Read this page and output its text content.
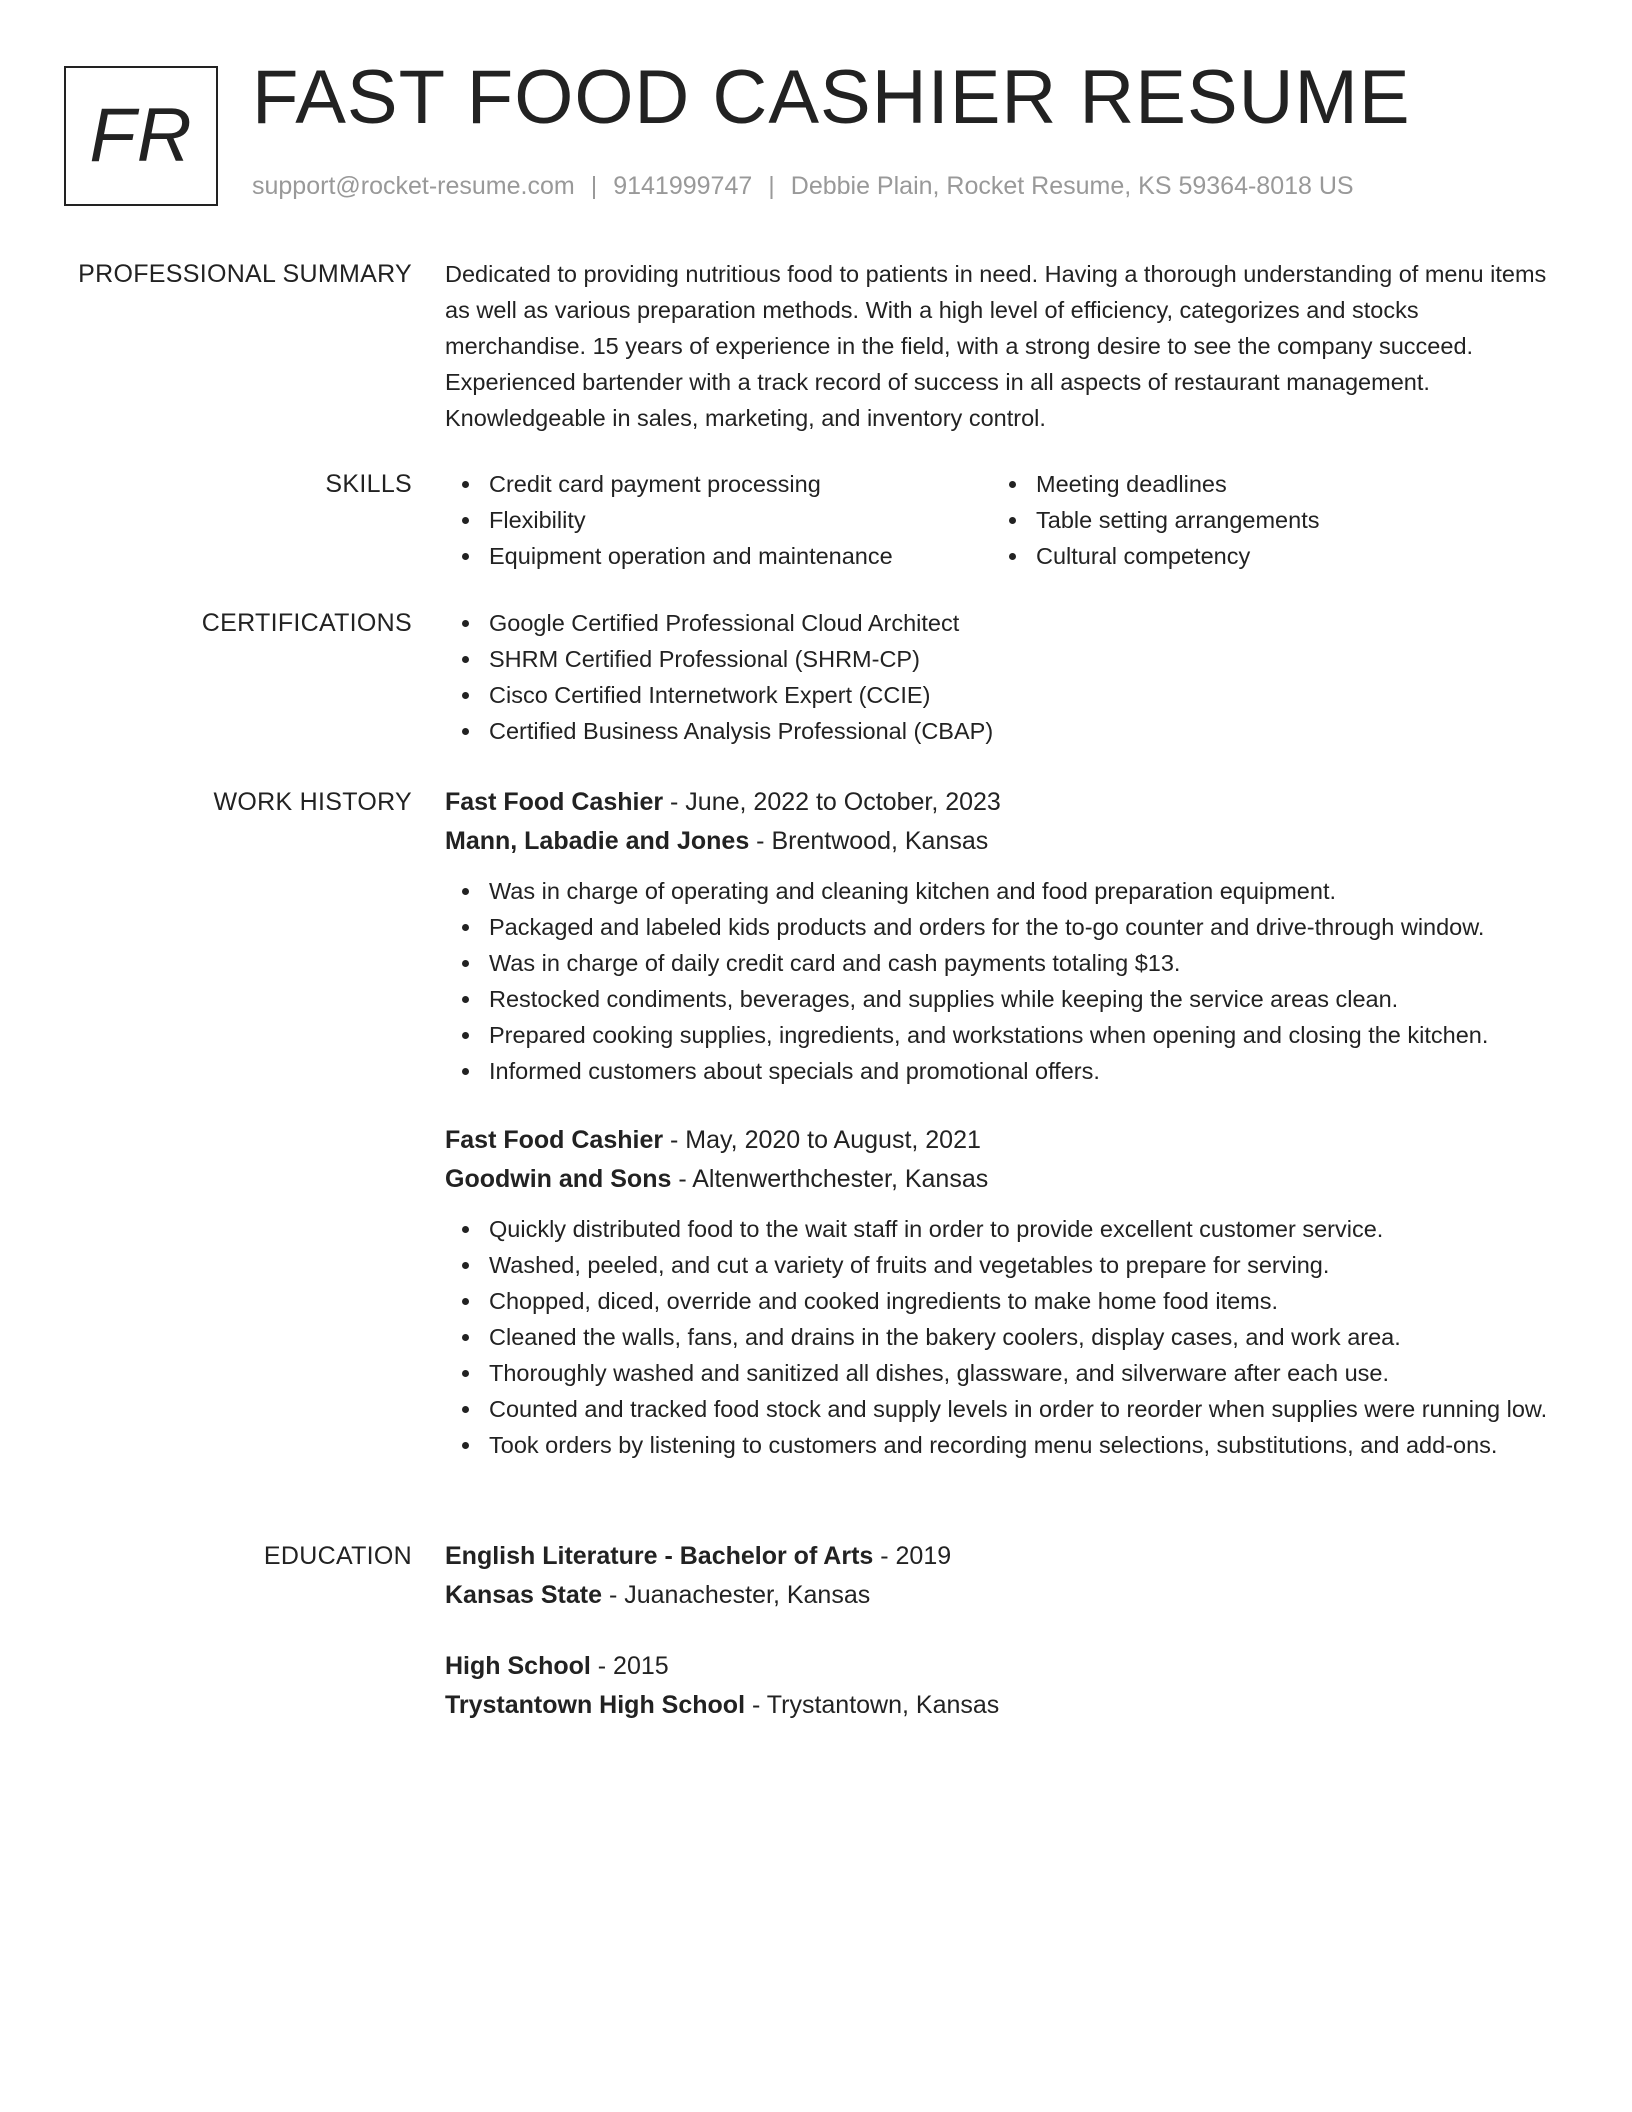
FR FAST FOOD CASHIER RESUME
support@rocket-resume.com | 9141999747 | Debbie Plain, Rocket Resume, KS 59364-8018 US
PROFESSIONAL SUMMARY Dedicated to providing nutritious food to patients in need. Having a thorough understanding of menu items as well as various preparation methods. With a high level of efficiency, categorizes and stocks merchandise. 15 years of experience in the field, with a strong desire to see the company succeed. Experienced bartender with a track record of success in all aspects of restaurant management. Knowledgeable in sales, marketing, and inventory control.

SKILLS	Credit card payment processing
Flexibility
Equipment operation and maintenance
Meeting deadlines
Table setting arrangements
Cultural competency
CERTIFICATIONS	Google Certified Professional Cloud Architect
SHRM Certified Professional (SHRM-CP)
Cisco Certified Internetwork Expert (CCIE)
Certified Business Analysis Professional (CBAP)
WORK HISTORY Fast Food Cashier - June, 2022 to October, 2023
Mann, Labadie and Jones - Brentwood, Kansas
Was in charge of operating and cleaning kitchen and food preparation equipment.
Packaged and labeled kids products and orders for the to-go counter and drive-through window.
Was in charge of daily credit card and cash payments totaling $13.
Restocked condiments, beverages, and supplies while keeping the service areas clean.
Prepared cooking supplies, ingredients, and workstations when opening and closing the kitchen.
Informed customers about specials and promotional offers.
Fast Food Cashier - May, 2020 to August, 2021
Goodwin and Sons - Altenwerthchester, Kansas
Quickly distributed food to the wait staff in order to provide excellent customer service.
Washed, peeled, and cut a variety of fruits and vegetables to prepare for serving.
Chopped, diced, override and cooked ingredients to make home food items.
Cleaned the walls, fans, and drains in the bakery coolers, display cases, and work area.
Thoroughly washed and sanitized all dishes, glassware, and silverware after each use.
Counted and tracked food stock and supply levels in order to reorder when supplies were running low.
Took orders by listening to customers and recording menu selections, substitutions, and add-ons.
EDUCATION English Literature - Bachelor of Arts - 2019
Kansas State - Juanachester, Kansas
High School - 2015
Trystantown High School - Trystantown, Kansas
